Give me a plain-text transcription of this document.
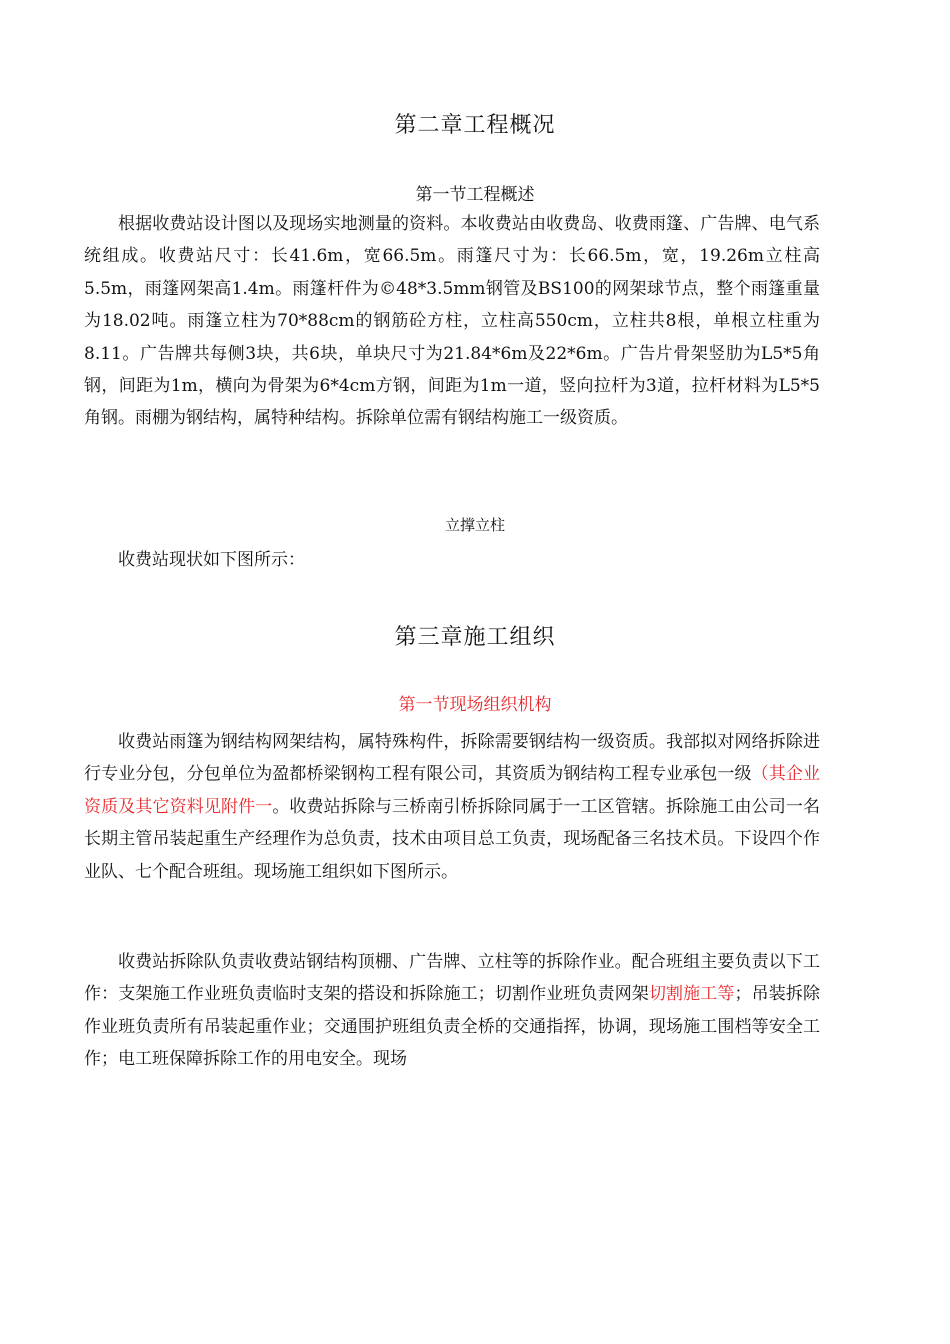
第二章工程概况
第一节工程概述
根据收费站设计图以及现场实地测量的资料。本收费站由收费岛、收费雨篷、广告牌、电气系统组成。收费站尺寸：长41.6m，宽66.5m。雨篷尺寸为：长66.5m，宽，19.26m立柱高5.5m，雨篷网架高1.4m。雨篷杆件为©48*3.5mm钢管及BS100的网架球节点，整个雨篷重量为18.02吨。雨篷立柱为70*88cm的钢筋砼方柱，立柱高550cm，立柱共8根，单根立柱重为8.11。广告牌共每侧3块，共6块，单块尺寸为21.84*6m及22*6m。广告片骨架竖肋为L5*5角钢，间距为1m，横向为骨架为6*4cm方钢，间距为1m一道，竖向拉杆为3道，拉杆材料为L5*5角钢。雨棚为钢结构，属特种结构。拆除单位需有钢结构施工一级资质。
立撑立柱
收费站现状如下图所示：
第三章施工组织
第一节现场组织机构
收费站雨篷为钢结构网架结构，属特殊构件，拆除需要钢结构一级资质。我部拟对网络拆除进行专业分包，分包单位为盈都桥梁钢构工程有限公司，其资质为钢结构工程专业承包一级（其企业资质及其它资料见附件一。收费站拆除与三桥南引桥拆除同属于一工区管辖。拆除施工由公司一名长期主管吊装起重生产经理作为总负责，技术由项目总工负责，现场配备三名技术员。下设四个作业队、七个配合班组。现场施工组织如下图所示。
收费站拆除队负责收费站钢结构顶棚、广告牌、立柱等的拆除作业。配合班组主要负责以下工作：支架施工作业班负责临时支架的搭设和拆除施工；切割作业班负责网架切割施工等；吊装拆除作业班负责所有吊装起重作业；交通围护班组负责全桥的交通指挥，协调，现场施工围档等安全工作；电工班保障拆除工作的用电安全。现场
